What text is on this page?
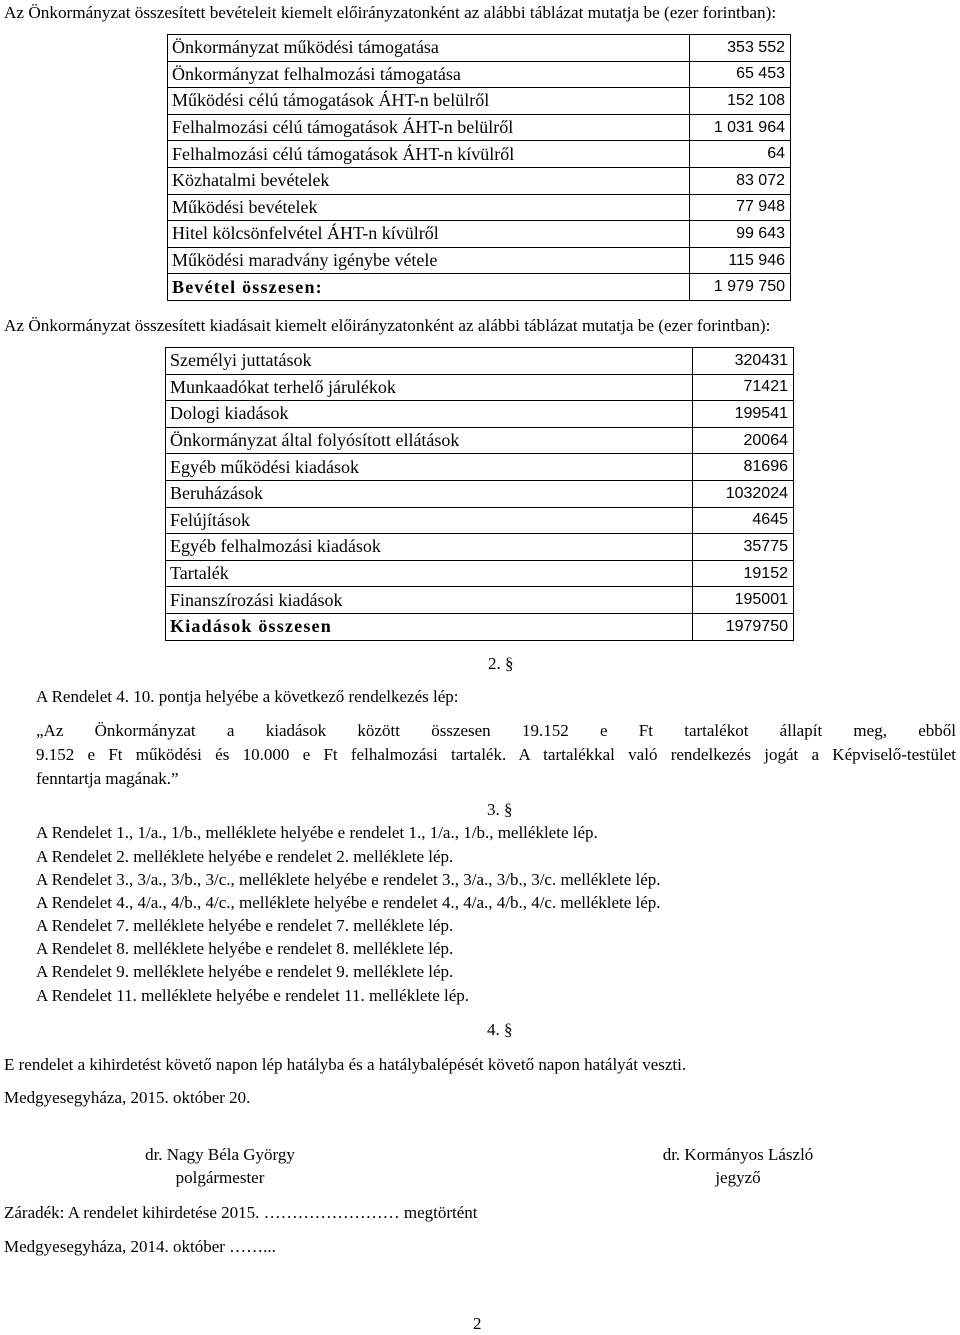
Az Önkormányzat összesített bevételeit kiemelt előirányzatonként az alábbi táblázat mutatja be (ezer forintban):
Önkormányzat működési támogatása	353 552
Önkormányzat felhalmozási támogatása	65 453
Működési célú támogatások ÁHT-n belülről	152 108
Felhalmozási célú támogatások ÁHT-n belülről	1 031 964
Felhalmozási célú támogatások ÁHT-n kívülről	64
Közhatalmi bevételek	83 072
Működési bevételek	77 948
Hitel kölcsönfelvétel ÁHT-n kívülről	99 643
Működési maradvány igénybe vétele	115 946
Bevétel összesen:	1 979 750
Az Önkormányzat összesített kiadásait kiemelt előirányzatonként az alábbi táblázat mutatja be (ezer forintban):
Személyi juttatások	320431
Munkaadókat terhelő járulékok	71421
Dologi kiadások	199541
Önkormányzat által folyósított ellátások	20064
Egyéb működési kiadások	81696
Beruházások	1032024
Felújítások	4645
Egyéb felhalmozási kiadások	35775
Tartalék	19152
Finanszírozási kiadások	195001
Kiadások összesen	1979750
2. §
A Rendelet 4. 10. pontja helyébe a következő rendelkezés lép:
„Az Önkormányzat a kiadások között összesen 19.152 e Ft tartalékot állapít meg, ebből
9.152 e Ft működési és 10.000 e Ft felhalmozási tartalék. A tartalékkal való rendelkezés jogát a Képviselő-testület
fenntartja magának.”
3. §
A Rendelet 1., 1/a., 1/b., melléklete helyébe e rendelet 1., 1/a., 1/b., melléklete lép.
A Rendelet 2. melléklete helyébe e rendelet 2. melléklete lép.
A Rendelet 3., 3/a., 3/b., 3/c., melléklete helyébe e rendelet 3., 3/a., 3/b., 3/c. melléklete lép.
A Rendelet 4., 4/a., 4/b., 4/c., melléklete helyébe e rendelet 4., 4/a., 4/b., 4/c. melléklete lép.
A Rendelet 7. melléklete helyébe e rendelet 7. melléklete lép.
A Rendelet 8. melléklete helyébe e rendelet 8. melléklete lép.
A Rendelet 9. melléklete helyébe e rendelet 9. melléklete lép.
A Rendelet 11. melléklete helyébe e rendelet 11. melléklete lép.
4. §
E rendelet a kihirdetést követő napon lép hatályba és a hatálybalépését követő napon hatályát veszti.
Medgyesegyháza, 2015. október 20.
dr. Nagy Béla György
polgármester
dr. Kormányos László
jegyző
Záradék: A rendelet kihirdetése 2015. …………………… megtörtént
Medgyesegyháza, 2014. október ……...
2
